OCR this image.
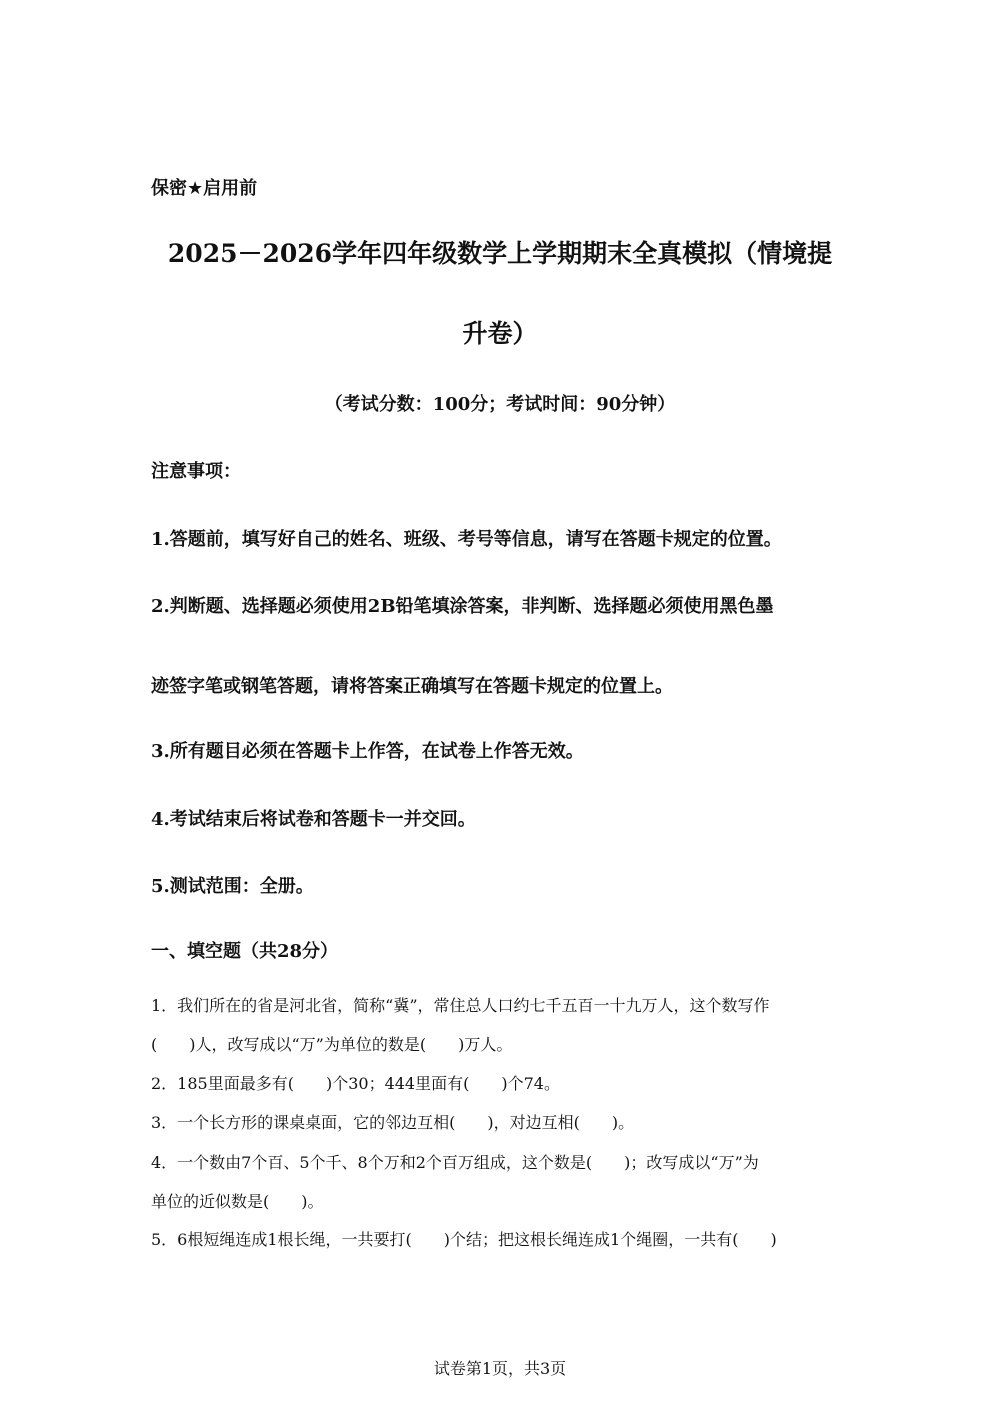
保密★启用前
2025－2026学年四年级数学上学期期末全真模拟（情境提
升卷）
（考试分数：100分；考试时间：90分钟）
注意事项：
1.答题前，填写好自己的姓名、班级、考号等信息，请写在答题卡规定的位置。
2.判断题、选择题必须使用2B铅笔填涂答案，非判断、选择题必须使用黑色墨
迹签字笔或钢笔答题，请将答案正确填写在答题卡规定的位置上。
3.所有题目必须在答题卡上作答，在试卷上作答无效。
4.考试结束后将试卷和答题卡一并交回。
5.测试范围：全册。
一、填空题（共28分）
1．我们所在的省是河北省，简称“冀”，常住总人口约七千五百一十九万人，这个数写作
(　　)人，改写成以“万”为单位的数是(　　)万人。
2．185里面最多有(　　)个30；444里面有(　　)个74。
3．一个长方形的课桌桌面，它的邻边互相(　　)，对边互相(　　)。
4．一个数由7个百、5个千、8个万和2个百万组成，这个数是(　　)；改写成以“万”为
单位的近似数是(　　)。
5．6根短绳连成1根长绳，一共要打(　　)个结；把这根长绳连成1个绳圈，一共有(　　)
试卷第1页，共3页
